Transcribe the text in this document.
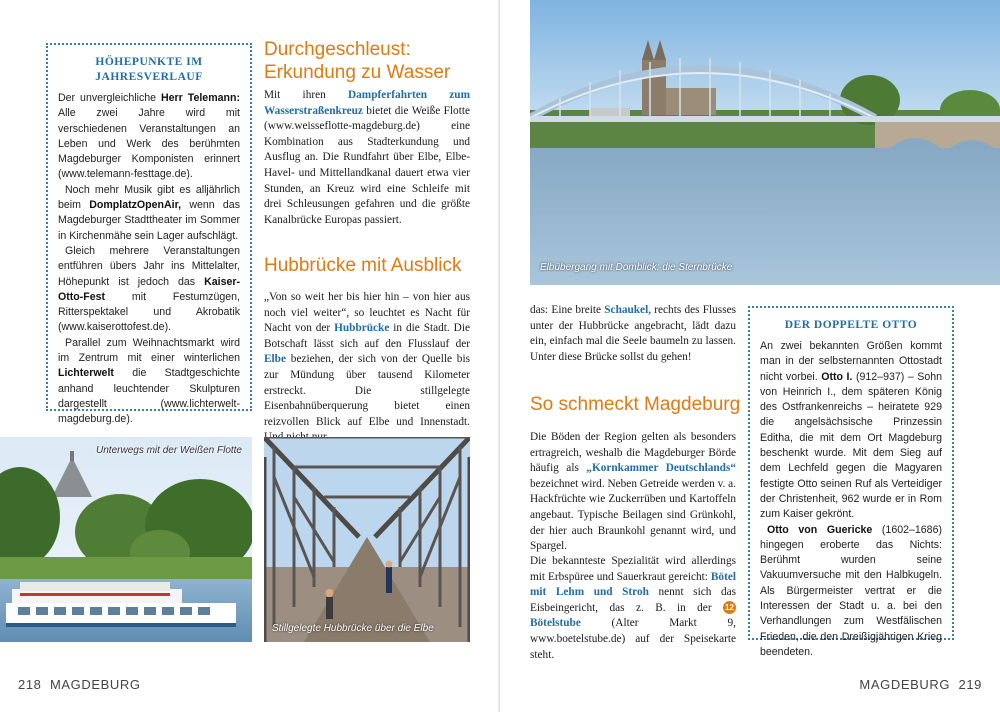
HÖHEPUNKTE IM JAHRESVERLAUF

Der unvergleichliche Herr Telemann: Alle zwei Jahre wird mit verschiedenen Veranstaltungen an Leben und Werk des berühmten Magdeburger Komponisten erinnert (www.telemann-festtage.de).

Noch mehr Musik gibt es alljährlich beim DomplatzOpenAir, wenn das Magdeburger Stadttheater im Sommer in Kirchenmähe sein Lager aufschlägt.

Gleich mehrere Veranstaltungen entführen übers Jahr ins Mittelalter, Höhepunkt ist jedoch das Kaiser-Otto-Fest mit Festumzügen, Ritterspektakel und Akrobatik (www.kaiserottofest.de).

Parallel zum Weihnachtsmarkt wird im Zentrum mit einer winterlichen Lichterwelt die Stadtgeschichte anhand leuchtender Skulpturen dargestellt (www.lichterwelt-magdeburg.de).

Durchgeschleust: Erkundung zu Wasser
Mit ihren Dampferfahrten zum Wasserstraßenkreuz bietet die Weiße Flotte (www.weisseflotte-magdeburg.de) eine Kombination aus Stadterkundung und Ausflug an. Die Rundfahrt über Elbe, Elbe-Havel- und Mittellandkanal dauert etwa vier Stunden, an Kreuz wird eine Schleife mit drei Schleusungen gefahren und die größte Kanalbrücke Europas passiert.
Hubbrücke mit Ausblick
„Von so weit her bis hier hin – von hier aus noch viel weiter“, so leuchtet es Nacht für Nacht von der Hubbrücke in die Stadt. Die Botschaft lässt sich auf den Flusslauf der Elbe beziehen, der sich von der Quelle bis zur Mündung über tausend Kilometer erstreckt. Die stillgelegte Eisenbahnüberquerung bietet einen reizvollen Blick auf Elbe und Innenstadt.
Unterwegs mit der Weißen Flotte
Stillgelegte Hubbrücke über die Elbe
218 MAGDEBURG
Elbübergang mit Domblick: die Sternbrücke
das: Eine breite Schaukel, rechts des Flusses unter der Hubbrücke angebracht, lädt dazu ein, einfach mal die Seele baumeln zu lassen. Unter diese Brücke sollst du gehen!
So schmeckt Magdeburg
Die Böden der Region gelten als besonders ertragreich, weshalb die Magdeburger Börde häufig als „Kornkammer Deutschlands“ bezeichnet wird. Neben Getreide werden v. a. Hackfrüchte wie Zuckerrüben und Kartoffeln angebaut. Typische Beilagen sind Grünkohl, der hier auch Braunkohl genannt wird, und Spargel.
Die bekannteste Spezialität wird allerdings mit Erbspüree und Sauerkraut gereicht: Bötel mit Lehm und Stroh nennt sich das Eisbeingericht, das z. B. in der 12 Bötelstube (Alter Markt 9, www.boetelstube.de) auf der Speisekarte steht.
DER DOPPELTE OTTO

An zwei bekannten Größen kommt man in der selbsternannten Ottostadt nicht vorbei. Otto I. (912–937) – Sohn von Heinrich I., dem späteren König des Ostfrankenreichs – heiratete 929 die angelsächsische Prinzessin Editha, die mit dem Ort Magdeburg beschenkt wurde. Mit dem Sieg auf dem Lechfeld gegen die Magyaren festigte Otto seinen Ruf als Verteidiger der Christenheit, 962 wurde er in Rom zum Kaiser gekrönt.

Otto von Guericke (1602–1686) hingegen eroberte das Nichts: Berühmt wurden seine Vakuumversuche mit den Halbkugeln. Als Bürgermeister vertrat er die Interessen der Stadt u. a. bei den Verhandlungen zum Westfälischen Frieden, die den Dreißigjährigen Krieg beendeten.

MAGDEBURG 219
